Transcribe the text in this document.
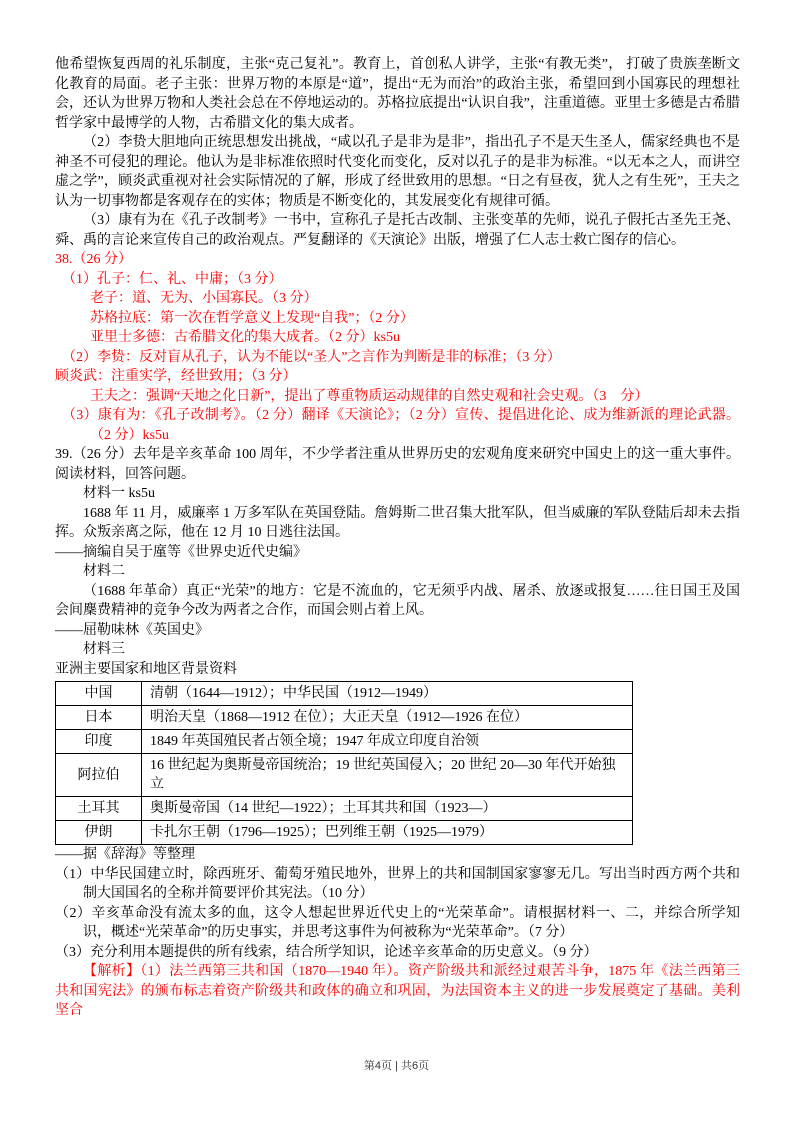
他希望恢复西周的礼乐制度，主张“克己复礼”。教育上，首创私人讲学，主张“有教无类”， 打破了贵族垄断文化教育的局面。老子主张：世界万物的本原是“道”，提出“无为而治”的政治主张，希望回到小国寡民的理想社会，还认为世界万物和人类社会总在不停地运动的。苏格拉底提出“认识自我”，注重道德。亚里士多德是古希腊哲学家中最博学的人物，古希腊文化的集大成者。

（2）李贽大胆地向正统思想发出挑战，“咸以孔子是非为是非”，指出孔子不是天生圣人，儒家经典也不是神圣不可侵犯的理论。他认为是非标准依照时代变化而变化，反对以孔子的是非为标准。“以无本之人，而讲空虚之学”，顾炎武重视对社会实际情况的了解，形成了经世致用的思想。“日之有昼夜，犹人之有生死”，王夫之认为一切事物都是客观存在的实体；物质是不断变化的，其发展变化有规律可循。

（3）康有为在《孔子改制考》一书中，宣称孔子是托古改制、主张变革的先师，说孔子假托古圣先王尧、舜、禹的言论来宣传自己的政治观点。严复翻译的《天演论》出版，增强了仁人志士救亡图存的信心。

38.（26 分）

（1）孔子：仁、礼、中庸；（3 分）

老子：道、无为、小国寡民。（3 分）

苏格拉底：第一次在哲学意义上发现“自我”；（2 分）

亚里士多德：古希腊文化的集大成者。（2 分）ks5u

（2）李贽：反对盲从孔子，认为不能以“圣人”之言作为判断是非的标准；（3 分）

顾炎武：注重实学，经世致用；（3 分）

王夫之：强调“天地之化日新”，提出了尊重物质运动规律的自然史观和社会史观。（3　分）

（3）康有为：《孔子改制考》。（2 分）翻译《天演论》；（2 分）宣传、提倡进化论、成为维新派的理论武器。（2 分）ks5u

39.（26 分）去年是辛亥革命 100 周年，不少学者注重从世界历史的宏观角度来研究中国史上的这一重大事件。阅读材料，回答问题。

材料一 ks5u

1688 年 11 月，威廉率 1 万多军队在英国登陆。詹姆斯二世召集大批军队，但当威廉的军队登陆后却未去指挥。众叛亲离之际，他在 12 月 10 日逃往法国。

——摘编自吴于廑等《世界史近代史编》

材料二

（1688 年革命）真正“光荣”的地方：它是不流血的，它无须乎内战、屠杀、放逐或报复……往日国王及国会间麇费精神的竞争今改为两者之合作，而国会则占着上风。

——屈勒味林《英国史》

材料三

亚洲主要国家和地区背景资料

中国	清朝（1644—1912）；中华民国（1912—1949）
日本	明治天皇（1868—1912 在位）；大正天皇（1912—1926 在位）
印度	1849 年英国殖民者占领全境；1947 年成立印度自治领
阿拉伯	16 世纪起为奥斯曼帝国统治；19 世纪英国侵入；20 世纪 20—30 年代开始独立
土耳其	奥斯曼帝国（14 世纪—1922）；土耳其共和国（1923—）
伊朗	卡扎尔王朝（1796—1925）；巴列维王朝（1925—1979）

——据《辞海》等整理

（1）中华民国建立时，除西班牙、葡萄牙殖民地外，世界上的共和国制国家寥寥无几。写出当时西方两个共和制大国国名的全称并简要评价其宪法。（10 分）

（2）辛亥革命没有流太多的血，这令人想起世界近代史上的“光荣革命”。请根据材料一、二，并综合所学知识，概述“光荣革命”的历史事实，并思考这事件为何被称为“光荣革命”。（7 分）

（3）充分利用本题提供的所有线索，结合所学知识，论述辛亥革命的历史意义。（9 分）

【解析】（1）法兰西第三共和国（1870—1940 年）。资产阶级共和派经过艰苦斗争，1875 年《法兰西第三共和国宪法》的颁布标志着资产阶级共和政体的确立和巩固，为法国资本主义的进一步发展奠定了基础。美利坚合

第4页 | 共6页
